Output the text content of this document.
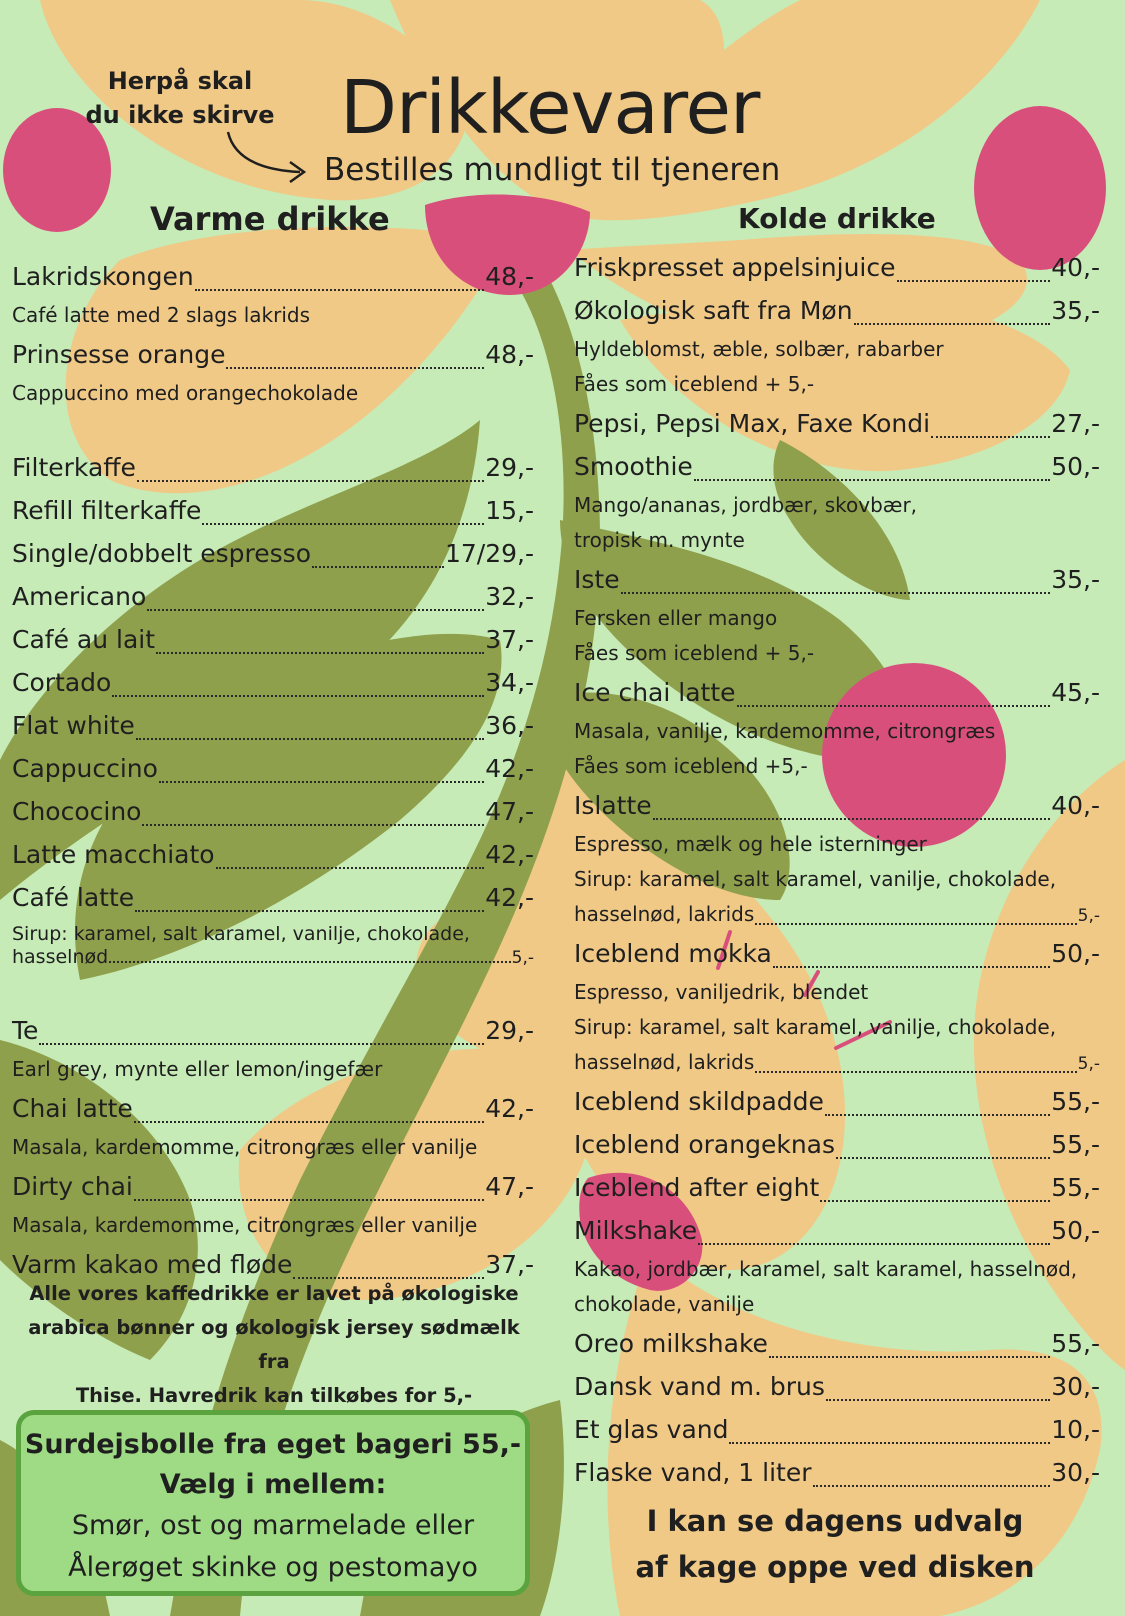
Herpå skal
du ikke skirve Drikkevarer
Bestilles mundligt til tjeneren
Varme drikke	Kolde drikke
Lakridskongen	48,-
Café latte med 2 slags lakrids
Prinsesse orange	48,-
Cappuccino med orangechokolade
Filterkaffe	29,-
Refill filterkaffe	15,-
Single/dobbelt espresso	17/29,-
Americano	32,-
Café au lait	37,-
Cortado	34,-
Flat white	36,-
Cappuccino	42,-
Chococino	47,-
Latte macchiato	42,-
Café latte	42,-
Sirup: karamel, salt karamel, vanilje, chokolade,
hasselnød	5,-
Te	29,-
Earl grey, mynte eller lemon/ingefær
Chai latte	42,-
Masala, kardemomme, citrongræs eller vanilje
Dirty chai	47,-
Masala, kardemomme, citrongræs eller vanilje
Varm kakao med fløde	37,-
Friskpresset appelsinjuice	40,-
Økologisk saft fra Møn	35,-
Hyldeblomst, æble, solbær, rabarber
Fåes som iceblend + 5,-
Pepsi, Pepsi Max, Faxe Kondi	27,-
Smoothie	50,-
Mango/ananas, jordbær, skovbær,
tropisk m. mynte
Iste	35,-
Fersken eller mango
Fåes som iceblend + 5,-
Ice chai latte	45,-
Masala, vanilje, kardemomme, citrongræs
Fåes som iceblend +5,-
Islatte	40,-
Espresso, mælk og hele isterninger
Sirup: karamel, salt karamel, vanilje, chokolade,
hasselnød, lakrids	5,-
Iceblend mokka	50,-
Espresso, vaniljedrik, blendet
Sirup: karamel, salt karamel, vanilje, chokolade,
hasselnød, lakrids	5,-
Iceblend skildpadde	55,-
Iceblend orangeknas	55,-
Iceblend after eight	55,-
Milkshake	50,-
Kakao, jordbær, karamel, salt karamel, hasselnød,
chokolade, vanilje
Oreo milkshake	55,-
Dansk vand m. brus	30,-
Et glas vand	10,-
Flaske vand, 1 liter	30,-
Alle vores kaffedrikke er lavet på økologiske
arabica bønner og økologisk jersey sødmælk fra
Thise. Havredrik kan tilkøbes for 5,-
Surdejsbolle fra eget bageri 55,-
Vælg i mellem:
Smør, ost og marmelade eller
Ålerøget skinke og pestomayo
I kan se dagens udvalg
af kage oppe ved disken
